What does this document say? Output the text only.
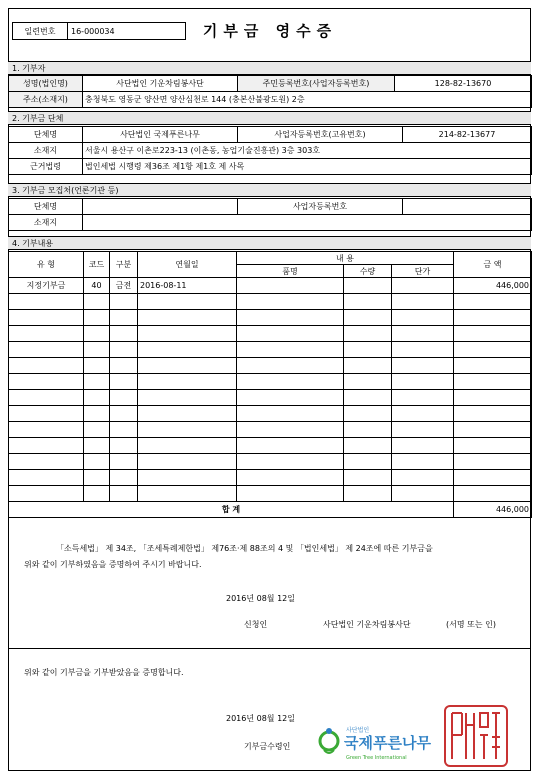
일련번호	16-000034	기부금 영수증
1. 기부자
성명(법인명)	사단법인 기운차림봉사단	주민등록번호(사업자등록번호)	128-82-13670
주소(소재지)	충청북도 영동군 양산면 양산심천로 144 (충본산불광도원) 2층		
2. 기부금 단체
단체명	사단법인 국제푸른나무	사업자등록번호(고유번호)	214-82-13677
소재지	서울시 용산구 이촌로223-13 (이촌동, 농업기술진흥관) 3층 303호		
근거법령	법인세법 시행령 제36조 제1항 제1호 제 사목		
3. 기부금 모집처(언론기관 등)
단체명		사업자등록번호	
소재지			
4. 기부내용
유 형	코드	구분	연월일	내 용			금 액
				품명	수량	단가	
지정기부금	40	금전	2016-08-11				446,000

합 계							446,000
「소득세법」 제 34조, 「조세특례제한법」 제76조·제 88조의 4 및 「법인세법」 제 24조에 따른 기부금을
위와 같이 기부하였음을 증명하여 주시기 바랍니다.
2016년 08월 12일
신청인	사단법인 기운차림봉사단	(서명 또는 인)
위와 같이 기부금을 기부받았음을 증명합니다.
2016년 08월 12일
기부금수령인
사단법인
국제푸른나무
Green Tree International
